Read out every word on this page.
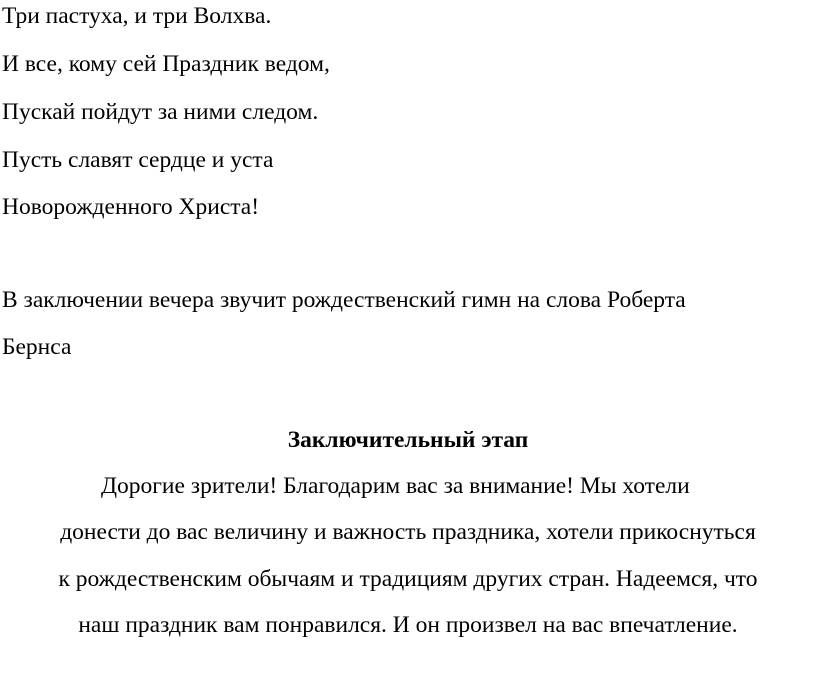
Три пастуха, и три Волхва.
И все, кому сей Праздник ведом,
Пускай пойдут за ними следом.
Пусть славят сердце и уста
Новорожденного Христа!
В заключении вечера звучит рождественский гимн на слова Роберта
Бернса
Заключительный этап
Дорогие зрители! Благодарим вас за внимание! Мы хотели
донести до вас величину и важность праздника, хотели прикоснуться
к рождественским обычаям и традициям других стран. Надеемся, что
наш праздник вам понравился. И он произвел на вас впечатление.
